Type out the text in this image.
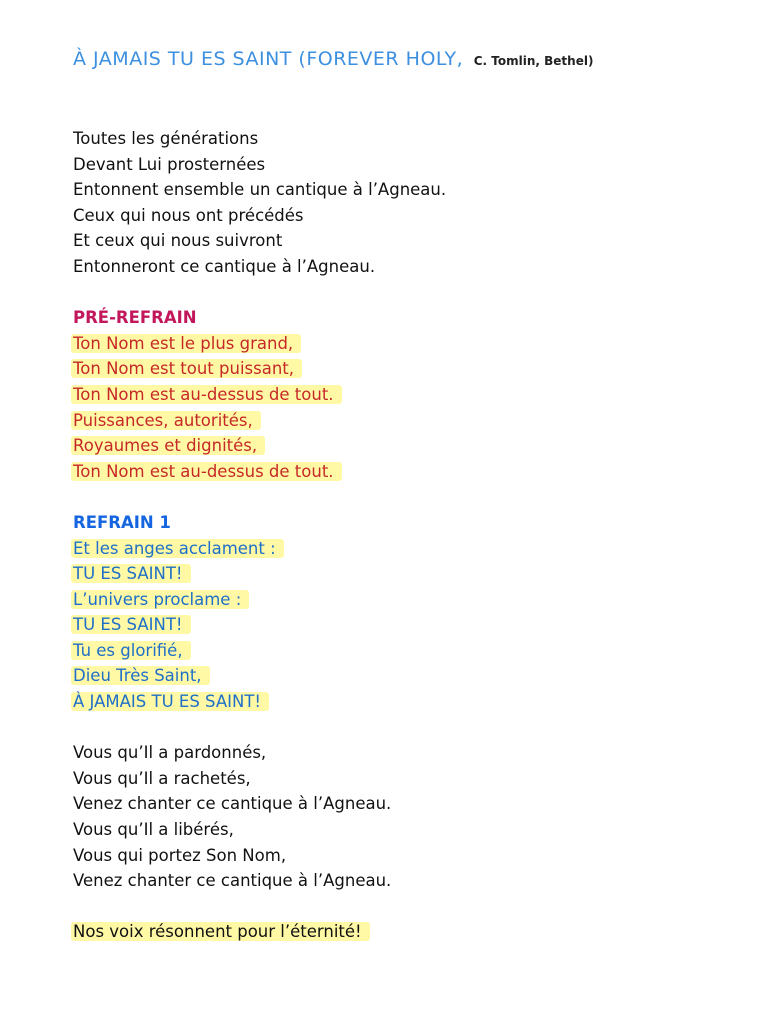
À JAMAIS TU ES SAINT (FOREVER HOLY, C. Tomlin, Bethel)
Toutes les générations
Devant Lui prosternées
Entonnent ensemble un cantique à l’Agneau.
Ceux qui nous ont précédés
Et ceux qui nous suivront
Entonneront ce cantique à l’Agneau.
PRÉ-REFRAIN
Ton Nom est le plus grand,
Ton Nom est tout puissant,
Ton Nom est au-dessus de tout.
Puissances, autorités,
Royaumes et dignités,
Ton Nom est au-dessus de tout.
REFRAIN 1
Et les anges acclament :
TU ES SAINT!
L’univers proclame :
TU ES SAINT!
Tu es glorifié,
Dieu Très Saint,
À JAMAIS TU ES SAINT!
Vous qu’Il a pardonnés,
Vous qu’Il a rachetés,
Venez chanter ce cantique à l’Agneau.
Vous qu’Il a libérés,
Vous qui portez Son Nom,
Venez chanter ce cantique à l’Agneau.
Nos voix résonnent pour l’éternité!
